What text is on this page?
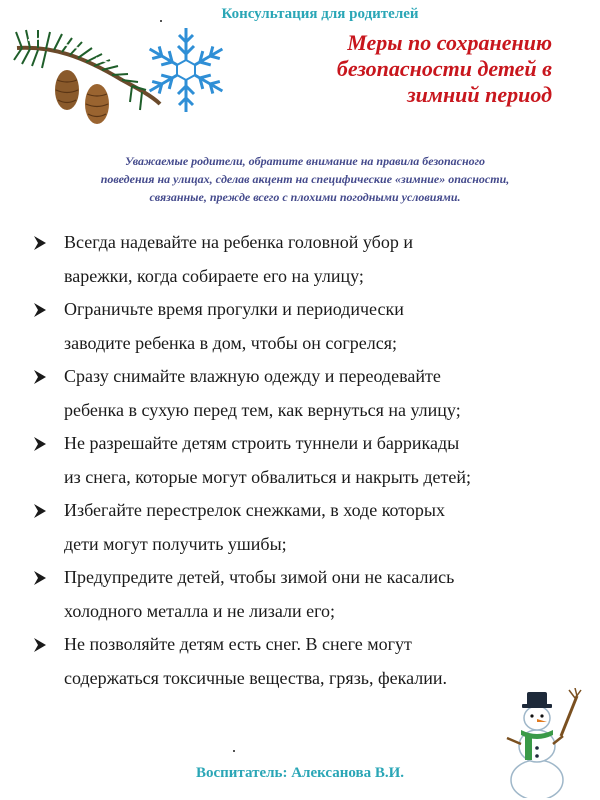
Консультация для родителей
Меры по сохранению
безопасности детей в
зимний период
Уважаемые родители, обратите внимание на правила безопасного
поведения на улицах, сделав акцент на специфические «зимние» опасности,
связанные, прежде всего с плохими погодными условиями.
Всегда надевайте на ребенка головной убор и
варежки, когда собираете его на улицу;
Ограничьте время прогулки и периодически
заводите ребенка в дом, чтобы он согрелся;
Сразу снимайте влажную одежду и переодевайте
ребенка в сухую перед тем, как вернуться на улицу;
Не разрешайте детям строить туннели и баррикады
из снега, которые могут обвалиться и накрыть детей;
Избегайте перестрелок снежками, в ходе которых
дети могут получить ушибы;
Предупредите детей, чтобы зимой они не касались
холодного металла и не лизали его;
Не позволяйте детям есть снег. В снеге могут
содержаться токсичные вещества, грязь, фекалии.
Воспитатель: Алексанова В.И.
